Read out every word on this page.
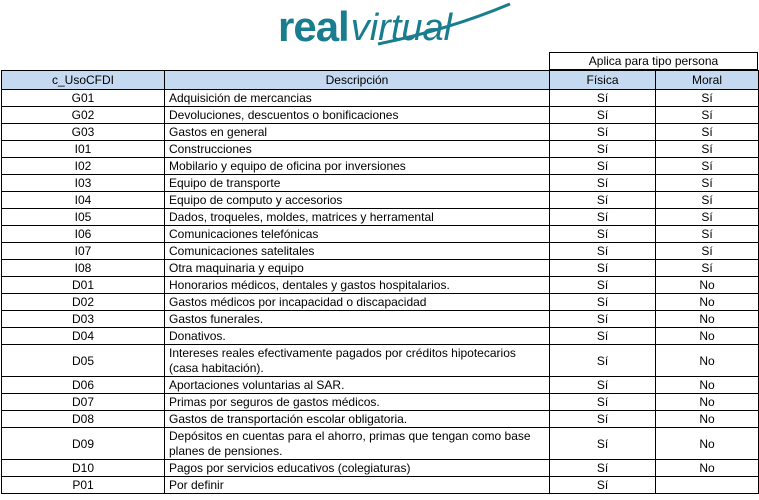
real virtual
Aplica para tipo persona
c_UsoCFDI	Descripción	Física	Moral
G01	Adquisición de mercancias	Sí	Sí
G02	Devoluciones, descuentos o bonificaciones	Sí	Sí
G03	Gastos en general	Sí	Sí
I01	Construcciones	Sí	Sí
I02	Mobilario y equipo de oficina por inversiones	Sí	Sí
I03	Equipo de transporte	Sí	Sí
I04	Equipo de computo y accesorios	Sí	Sí
I05	Dados, troqueles, moldes, matrices y herramental	Sí	Sí
I06	Comunicaciones telefónicas	Sí	Sí
I07	Comunicaciones satelitales	Sí	Sí
I08	Otra maquinaria y equipo	Sí	Sí
D01	Honorarios médicos, dentales y gastos hospitalarios.	Sí	No
D02	Gastos médicos por incapacidad o discapacidad	Sí	No
D03	Gastos funerales.	Sí	No
D04	Donativos.	Sí	No
D05	Intereses reales efectivamente pagados por créditos hipotecarios (casa habitación).	Sí	No
D06	Aportaciones voluntarias al SAR.	Sí	No
D07	Primas por seguros de gastos médicos.	Sí	No
D08	Gastos de transportación escolar obligatoria.	Sí	No
D09	Depósitos en cuentas para el ahorro, primas que tengan como base planes de pensiones.	Sí	No
D10	Pagos por servicios educativos (colegiaturas)	Sí	No
P01	Por definir	Sí	
